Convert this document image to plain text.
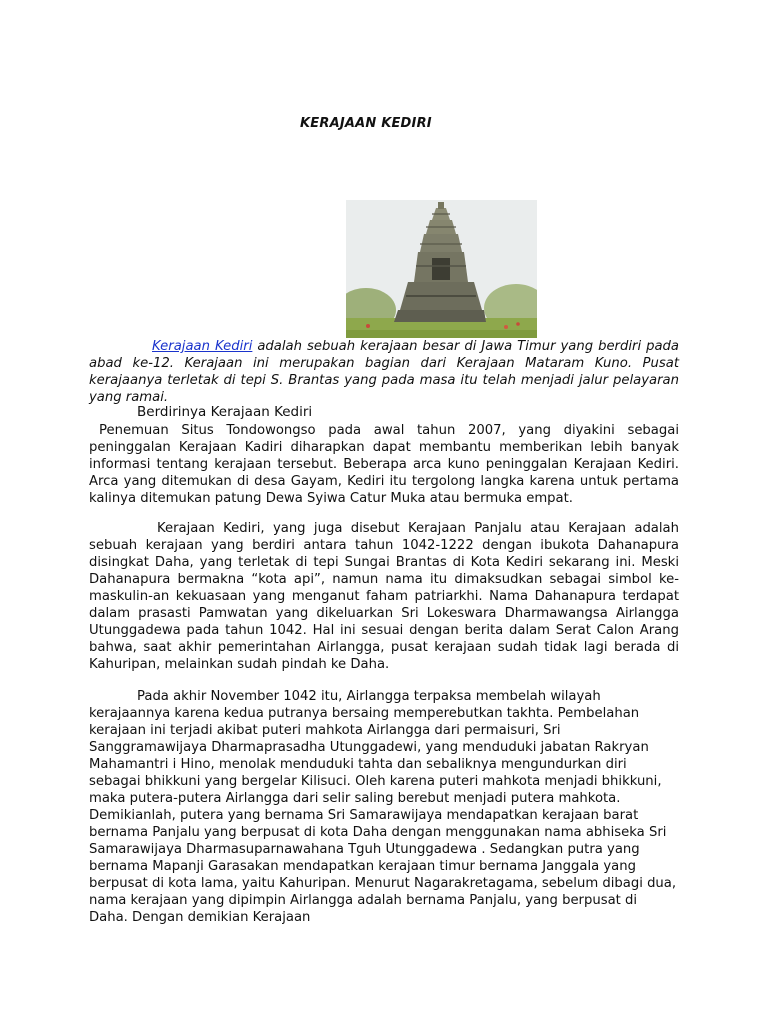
KERAJAAN KEDIRI
Kerajaan Kediri adalah sebuah kerajaan besar di Jawa Timur yang berdiri pada abad ke-12. Kerajaan ini merupakan bagian dari Kerajaan Mataram Kuno. Pusat kerajaanya terletak di tepi S. Brantas yang pada masa itu telah menjadi jalur pelayaran yang ramai.
Berdirinya Kerajaan Kediri

Penemuan Situs Tondowongso pada awal tahun 2007, yang diyakini sebagai peninggalan Kerajaan Kadiri diharapkan dapat membantu memberikan lebih banyak informasi tentang kerajaan tersebut. Beberapa arca kuno peninggalan Kerajaan Kediri. Arca yang ditemukan di desa Gayam, Kediri itu tergolong langka karena untuk pertama kalinya ditemukan patung Dewa Syiwa Catur Muka atau bermuka empat.

Kerajaan Kediri, yang juga disebut Kerajaan Panjalu atau Kerajaan adalah sebuah kerajaan yang berdiri antara tahun 1042-1222 dengan ibukota Dahanapura disingkat Daha, yang terletak di tepi Sungai Brantas di Kota Kediri sekarang ini. Meski Dahanapura bermakna “kota api”, namun nama itu dimaksudkan sebagai simbol ke-maskulin-an kekuasaan yang menganut faham patriarkhi. Nama Dahanapura terdapat dalam prasasti Pamwatan yang dikeluarkan Sri Lokeswara Dharmawangsa Airlangga Utunggadewa pada tahun 1042. Hal ini sesuai dengan berita dalam Serat Calon Arang bahwa, saat akhir pemerintahan Airlangga, pusat kerajaan sudah tidak lagi berada di Kahuripan, melainkan sudah pindah ke Daha.

Pada akhir November 1042 itu, Airlangga terpaksa membelah wilayah kerajaannya karena kedua putranya bersaing memperebutkan takhta. Pembelahan kerajaan ini terjadi akibat puteri mahkota Airlangga dari permaisuri, Sri Sanggramawijaya Dharmaprasadha Utunggadewi, yang menduduki jabatan Rakryan Mahamantri i Hino, menolak menduduki tahta dan sebaliknya mengundurkan diri sebagai bhikkuni yang bergelar Kilisuci. Oleh karena puteri mahkota menjadi bhikkuni, maka putera-putera Airlangga dari selir saling berebut menjadi putera mahkota. Demikianlah, putera yang bernama Sri Samarawijaya mendapatkan kerajaan barat bernama Panjalu yang berpusat di kota Daha dengan menggunakan nama abhiseka Sri Samarawijaya Dharmasuparnawahana Tguh Utunggadewa . Sedangkan putra yang bernama Mapanji Garasakan mendapatkan kerajaan timur bernama Janggala yang berpusat di kota lama, yaitu Kahuripan. Menurut Nagarakretagama, sebelum dibagi dua, nama kerajaan yang dipimpin Airlangga adalah bernama Panjalu, yang berpusat di Daha. Dengan demikian Kerajaan
